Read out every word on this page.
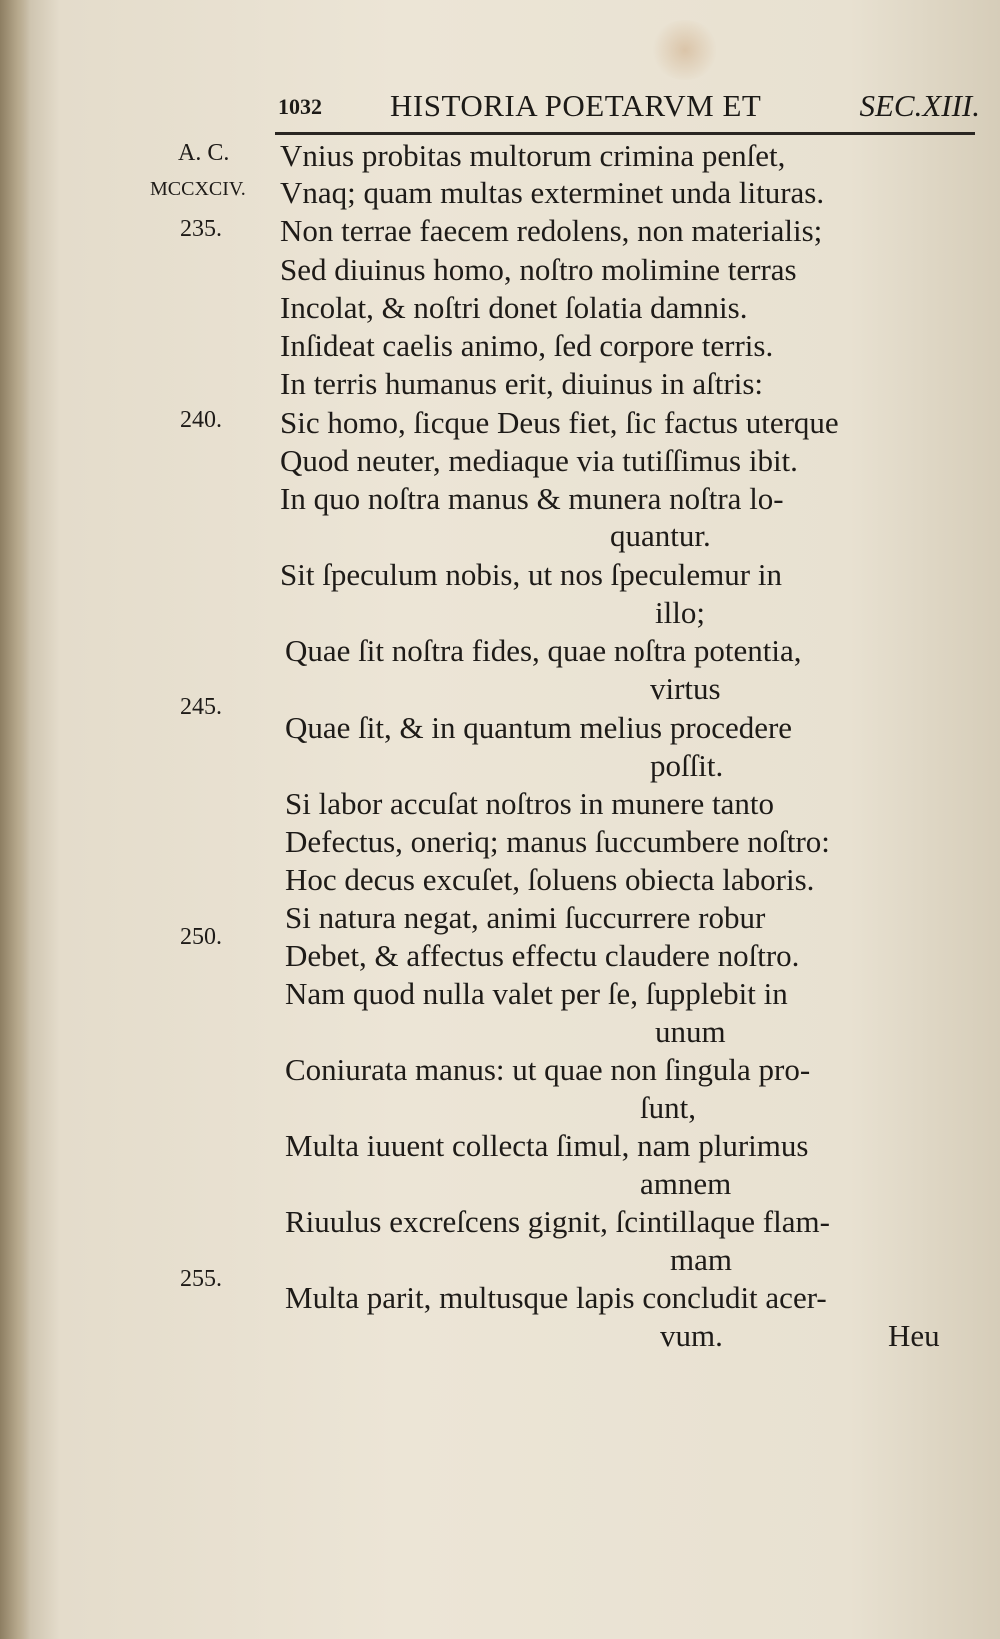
1032 HISTORIA POETARVM ET	SEC.XIII.
A. C.
MCCXCIV.
235.
240.
245.
250.
255.
Vnius probitas multorum crimina penſet,
Vnaq; quam multas exterminet unda lituras.
Non terrae faecem redolens, non materialis;
Sed diuinus homo, noſtro molimine terras
Incolat, & noſtri donet ſolatia damnis.
Inſideat caelis animo, ſed corpore terris.
In terris humanus erit, diuinus in aſtris:
Sic homo, ſicque Deus fiet, ſic factus uterque
Quod neuter, mediaque via tutiſſimus ibit.
In quo noſtra manus & munera noſtra lo-
quantur.
Sit ſpeculum nobis, ut nos ſpeculemur in
illo;
Quae ſit noſtra fides, quae noſtra potentia,
virtus
Quae ſit, & in quantum melius procedere
poſſit.
Si labor accuſat noſtros in munere tanto
Defectus, oneriq; manus ſuccumbere noſtro:
Hoc decus excuſet, ſoluens obiecta laboris.
Si natura negat, animi ſuccurrere robur
Debet, & affectus effectu claudere noſtro.
Nam quod nulla valet per ſe, ſupplebit in
unum
Coniurata manus: ut quae non ſingula pro-
ſunt,
Multa iuuent collecta ſimul, nam plurimus
amnem
Riuulus excreſcens gignit, ſcintillaque flam-
mam
Multa parit, multusque lapis concludit acer-
vum.	Heu
